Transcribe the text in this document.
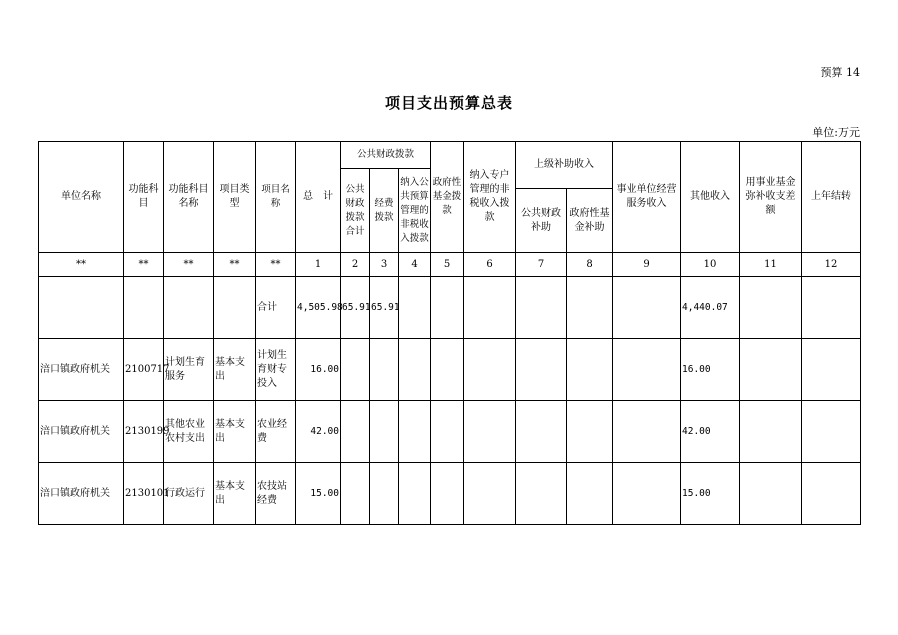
预算 14
项目支出预算总表
单位:万元
单位名称	功能科目	功能科目名称	项目类型	项目名称	总　计	公共财政拨款			政府性基金拨款	纳入专户管理的非税收入拨款	上级补助收入		事业单位经营服务收入	其他收入	用事业基金弥补收支差额	上年结转
						公共财政拨款合计	经费拨款	纳入公共预算管理的非税收入拨款								
											公共财政补助	政府性基金补助				
**	**	**	**	**	1	2	3	4	5	6	7	8	9	10	11	12
				合计	4,505.98	65.91	65.91							4,440.07		
涪口镇政府机关	2100717	计划生育服务	基本支出	计划生育财专投入	16.00									16.00		
涪口镇政府机关	2130199	其他农业农村支出	基本支出	农业经费	42.00									42.00		
涪口镇政府机关	2130101	行政运行	基本支出	农技站经费	15.00									15.00		
